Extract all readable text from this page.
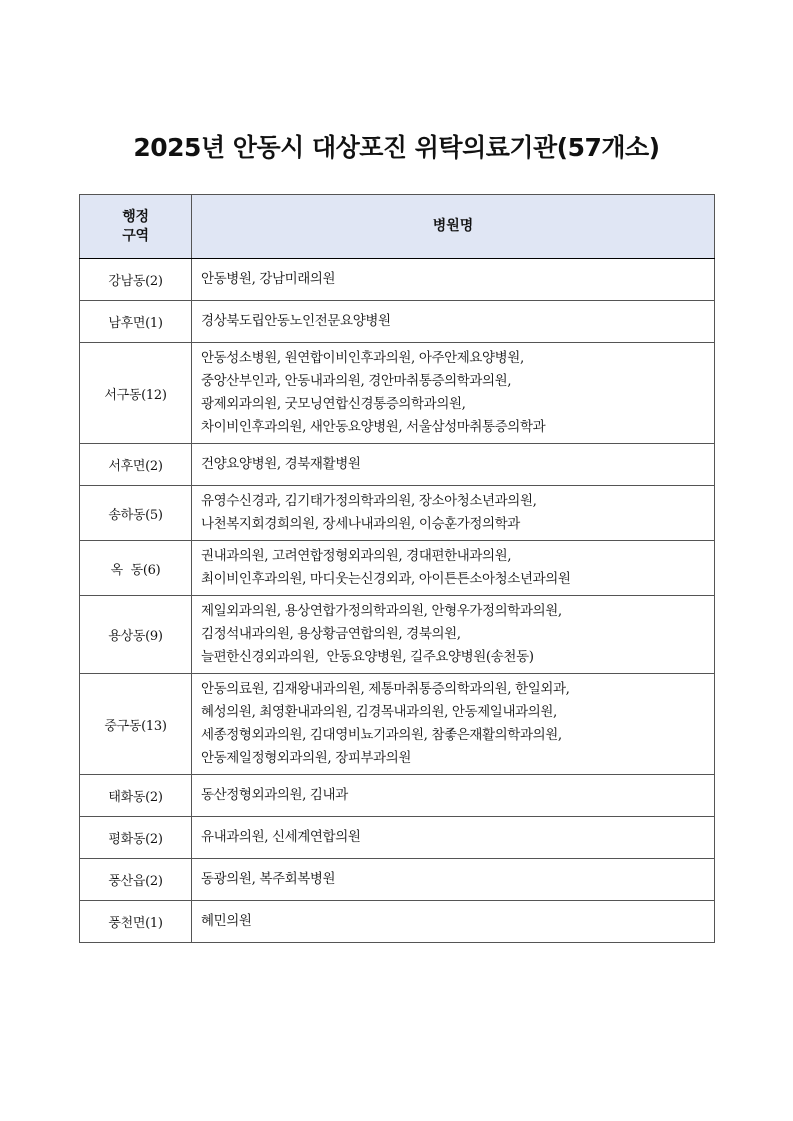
2025년 안동시 대상포진 위탁의료기관(57개소)
행정
구역	병원명
강남동(2)	안동병원, 강남미래의원

남후면(1)	경상북도립안동노인전문요양병원

서구동(12)	안동성소병원, 원연합이비인후과의원, 아주안제요양병원,
중앙산부인과, 안동내과의원, 경안마취통증의학과의원,
광제외과의원, 굿모닝연합신경통증의학과의원,
차이비인후과의원, 새안동요양병원, 서울삼성마취통증의학과

서후면(2)	건양요양병원, 경북재활병원

송하동(5)	유영수신경과, 김기태가정의학과의원, 장소아청소년과의원,
나천복지회경희의원, 장세나내과의원, 이승훈가정의학과

옥  동(6)	권내과의원, 고려연합정형외과의원, 경대편한내과의원,
최이비인후과의원, 마디웃는신경외과, 아이튼튼소아청소년과의원

용상동(9)	제일외과의원, 용상연합가정의학과의원, 안형우가정의학과의원,
김정석내과의원, 용상황금연합의원, 경북의원,
늘편한신경외과의원,  안동요양병원, 길주요양병원(송천동)

중구동(13)	안동의료원, 김재왕내과의원, 제통마취통증의학과의원, 한일외과,
혜성의원, 최영환내과의원, 김경목내과의원, 안동제일내과의원,
세종정형외과의원, 김대영비뇨기과의원, 참좋은재활의학과의원,
안동제일정형외과의원, 장피부과의원

태화동(2)	동산정형외과의원, 김내과

평화동(2)	유내과의원, 신세계연합의원

풍산읍(2)	동광의원, 복주회복병원

풍천면(1)	혜민의원
